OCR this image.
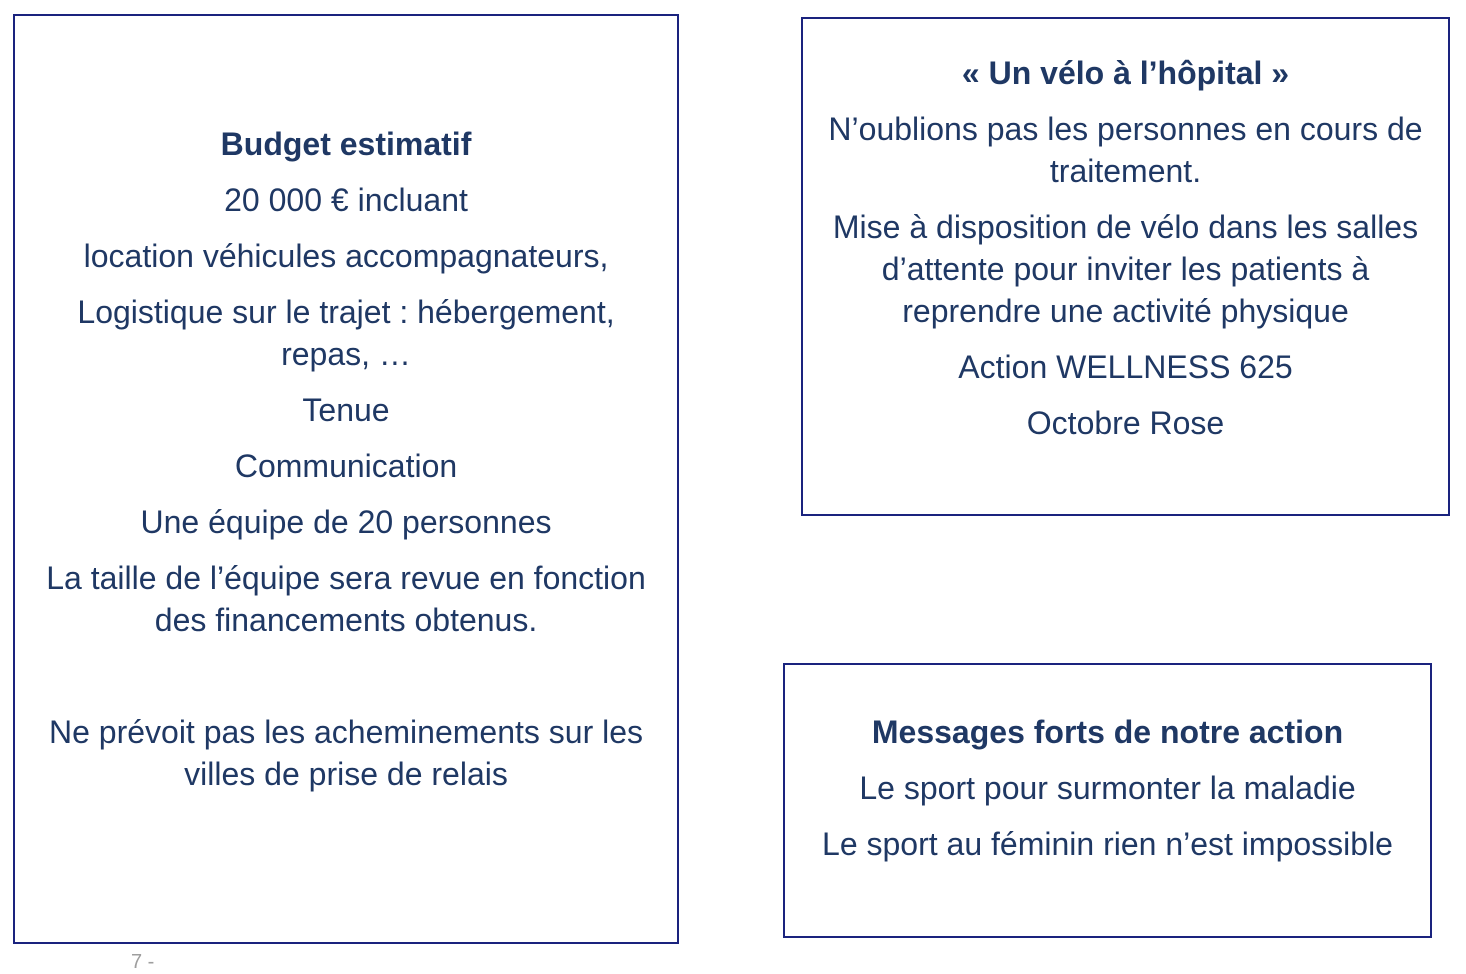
Budget estimatif

20 000 € incluant

location véhicules accompagnateurs,

Logistique sur le trajet : hébergement, repas, …

Tenue

Communication

Une équipe de 20 personnes

La taille de l’équipe sera revue en fonction des financements obtenus.

Ne prévoit pas les acheminements sur les villes de prise de relais

« Un vélo à l’hôpital »

N’oublions pas les personnes en cours de traitement.

Mise à disposition de vélo dans les salles d’attente pour inviter les patients à reprendre une activité physique

Action WELLNESS 625

Octobre Rose

Messages forts de notre action

Le sport pour surmonter la maladie

Le sport au féminin rien n’est impossible

7 -
